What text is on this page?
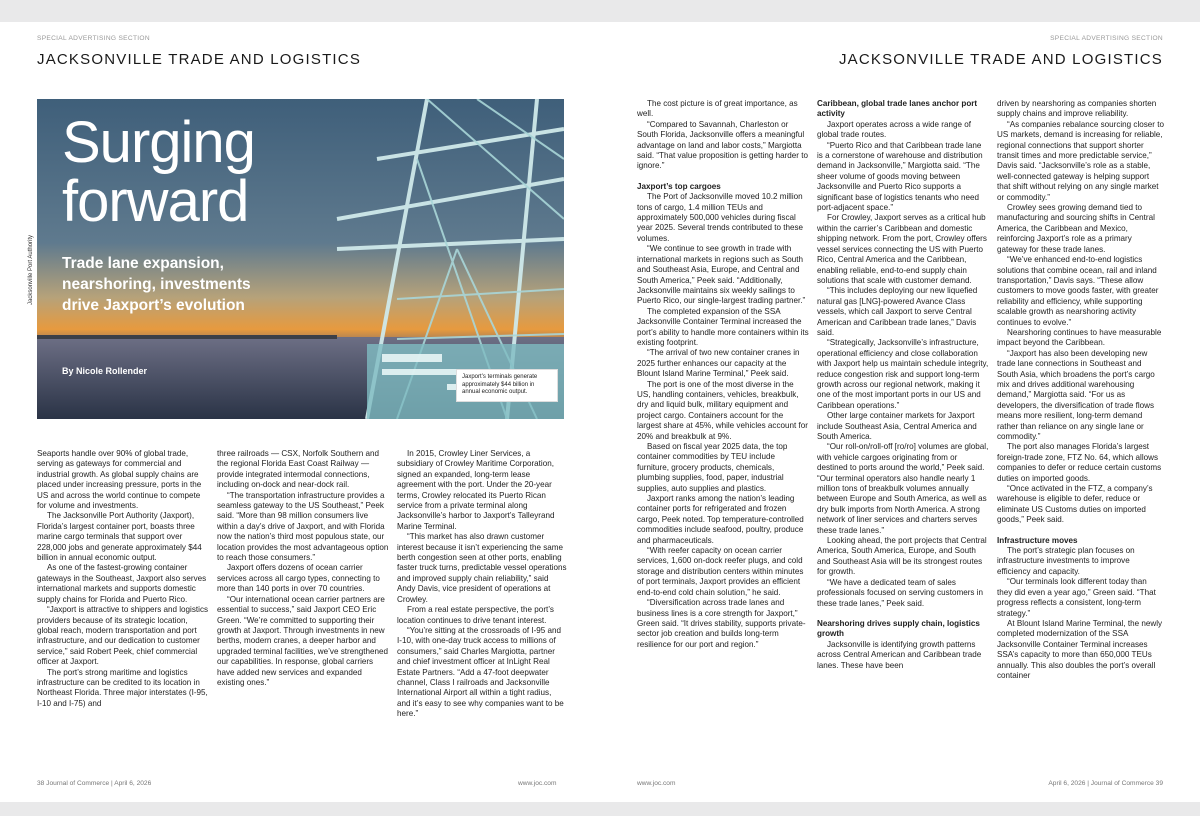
SPECIAL ADVERTISING SECTION	SPECIAL ADVERTISING SECTION
JACKSONVILLE TRADE AND LOGISTICS	JACKSONVILLE TRADE AND LOGISTICS
Surging
forward
Trade lane expansion,
nearshoring, investments
drive Jaxport’s evolution
By Nicole Rollender
Jaxport’s terminals generate approximately $44 billion in annual economic output.
Jacksonville Port Authority

Seaports handle over 90% of global trade, serving as gateways for commercial and industrial growth. As global supply chains are placed under increasing pressure, ports in the US and across the world continue to compete for volume and investments.

The Jacksonville Port Authority (Jaxport), Florida’s largest container port, boasts three marine cargo terminals that support over 228,000 jobs and generate approximately $44 billion in annual economic output.

As one of the fastest-growing container gateways in the Southeast, Jaxport also serves international markets and supports domestic supply chains for Florida and Puerto Rico.

“Jaxport is attractive to shippers and logistics providers because of its strategic location, global reach, modern transportation and port infrastructure, and our dedication to customer service,” said Robert Peek, chief commercial officer at Jaxport.

The port’s strong maritime and logistics infrastructure can be credited to its location in Northeast Florida. Three major interstates (I-95, I-10 and I-75) and

three railroads — CSX, Norfolk Southern and the regional Florida East Coast Railway — provide integrated intermodal connections, including on-dock and near-dock rail.

“The transportation infrastructure provides a seamless gateway to the US Southeast,” Peek said. “More than 98 million consumers live within a day’s drive of Jaxport, and with Florida now the nation’s third most populous state, our location provides the most advantageous option to reach those consumers.”

Jaxport offers dozens of ocean carrier services across all cargo types, connecting to more than 140 ports in over 70 countries.

“Our international ocean carrier partners are essential to success,” said Jaxport CEO Eric Green. “We’re committed to supporting their growth at Jaxport. Through investments in new berths, modern cranes, a deeper harbor and upgraded terminal facilities, we’ve strengthened our capabilities. In response, global carriers have added new services and expanded existing ones.”

In 2015, Crowley Liner Services, a subsidiary of Crowley Maritime Corporation, signed an expanded, long-term lease agreement with the port. Under the 20-year terms, Crowley relocated its Puerto Rican service from a private terminal along Jacksonville’s harbor to Jaxport’s Talleyrand Marine Terminal.

“This market has also drawn customer interest because it isn’t experiencing the same berth congestion seen at other ports, enabling faster truck turns, predictable vessel operations and improved supply chain reliability,” said Andy Davis, vice president of operations at Crowley.

From a real estate perspective, the port’s location continues to drive tenant interest.

“You’re sitting at the crossroads of I-95 and I-10, with one-day truck access to millions of consumers,” said Charles Margiotta, partner and chief investment officer at InLight Real Estate Partners. “Add a 47-foot deepwater channel, Class I railroads and Jacksonville International Airport all within a tight radius, and it’s easy to see why companies want to be here.”

The cost picture is of great importance, as well.

“Compared to Savannah, Charleston or South Florida, Jacksonville offers a meaningful advantage on land and labor costs,” Margiotta said. “That value proposition is getting harder to ignore.”

Jaxport’s top cargoes

The Port of Jacksonville moved 10.2 million tons of cargo, 1.4 million TEUs and approximately 500,000 vehicles during fiscal year 2025. Several trends contributed to these volumes.

“We continue to see growth in trade with international markets in regions such as South and Southeast Asia, Europe, and Central and South America,” Peek said. “Additionally, Jacksonville maintains six weekly sailings to Puerto Rico, our single-largest trading partner.”

The completed expansion of the SSA Jacksonville Container Terminal increased the port’s ability to handle more containers within its existing footprint.

“The arrival of two new container cranes in 2025 further enhances our capacity at the Blount Island Marine Terminal,” Peek said.

The port is one of the most diverse in the US, handling containers, vehicles, breakbulk, dry and liquid bulk, military equipment and project cargo. Containers account for the largest share at 45%, while vehicles account for 20% and breakbulk at 9%.

Based on fiscal year 2025 data, the top container commodities by TEU include furniture, grocery products, chemicals, plumbing supplies, food, paper, industrial supplies, auto supplies and plastics.

Jaxport ranks among the nation’s leading container ports for refrigerated and frozen cargo, Peek noted. Top temperature-controlled commodities include seafood, poultry, produce and pharmaceuticals.

“With reefer capacity on ocean carrier services, 1,600 on-dock reefer plugs, and cold storage and distribution centers within minutes of port terminals, Jaxport provides an efficient end-to-end cold chain solution,” he said.

“Diversification across trade lanes and business lines is a core strength for Jaxport,” Green said. “It drives stability, supports private-sector job creation and builds long-term resilience for our port and region.”

Caribbean, global trade lanes anchor port activity

Jaxport operates across a wide range of global trade routes.

“Puerto Rico and that Caribbean trade lane is a cornerstone of warehouse and distribution demand in Jacksonville,” Margiotta said. “The sheer volume of goods moving between Jacksonville and Puerto Rico supports a significant base of logistics tenants who need port-adjacent space.”

For Crowley, Jaxport serves as a critical hub within the carrier’s Caribbean and domestic shipping network. From the port, Crowley offers vessel services connecting the US with Puerto Rico, Central America and the Caribbean, enabling reliable, end-to-end supply chain solutions that scale with customer demand.

“This includes deploying our new liquefied natural gas [LNG]-powered Avance Class vessels, which call Jaxport to serve Central American and Caribbean trade lanes,” Davis said.

“Strategically, Jacksonville’s infrastructure, operational efficiency and close collaboration with Jaxport help us maintain schedule integrity, reduce congestion risk and support long-term growth across our regional network, making it one of the most important ports in our US and Caribbean operations.”

Other large container markets for Jaxport include Southeast Asia, Central America and South America.

“Our roll-on/roll-off [ro/ro] volumes are global, with vehicle cargoes originating from or destined to ports around the world,” Peek said. “Our terminal operators also handle nearly 1 million tons of breakbulk volumes annually between Europe and South America, as well as dry bulk imports from North America. A strong network of liner services and charters serves these trade lanes.”

Looking ahead, the port projects that Central America, South America, Europe, and South and Southeast Asia will be its strongest routes for growth.

“We have a dedicated team of sales professionals focused on serving customers in these trade lanes,” Peek said.

Nearshoring drives supply chain, logistics growth

Jacksonville is identifying growth patterns across Central American and Caribbean trade lanes. These have been

driven by nearshoring as companies shorten supply chains and improve reliability.

“As companies rebalance sourcing closer to US markets, demand is increasing for reliable, regional connections that support shorter transit times and more predictable service,” Davis said. “Jacksonville’s role as a stable, well-connected gateway is helping support that shift without relying on any single market or commodity.”

Crowley sees growing demand tied to manufacturing and sourcing shifts in Central America, the Caribbean and Mexico, reinforcing Jaxport’s role as a primary gateway for these trade lanes.

“We’ve enhanced end-to-end logistics solutions that combine ocean, rail and inland transportation,” Davis says. “These allow customers to move goods faster, with greater reliability and efficiency, while supporting scalable growth as nearshoring activity continues to evolve.”

Nearshoring continues to have measurable impact beyond the Caribbean.

“Jaxport has also been developing new trade lane connections in Southeast and South Asia, which broadens the port’s cargo mix and drives additional warehousing demand,” Margiotta said. “For us as developers, the diversification of trade flows means more resilient, long-term demand rather than reliance on any single lane or commodity.”

The port also manages Florida’s largest foreign-trade zone, FTZ No. 64, which allows companies to defer or reduce certain customs duties on imported goods.

“Once activated in the FTZ, a company’s warehouse is eligible to defer, reduce or eliminate US Customs duties on imported goods,” Peek said.

Infrastructure moves

The port’s strategic plan focuses on infrastructure investments to improve efficiency and capacity.

“Our terminals look different today than they did even a year ago,” Green said. “That progress reflects a consistent, long-term strategy.”

At Blount Island Marine Terminal, the newly completed modernization of the SSA Jacksonville Container Terminal increases SSA’s capacity to more than 650,000 TEUs annually. This also doubles the port’s overall container

38 Journal of Commerce | April 6, 2026	www.joc.com	www.joc.com	April 6, 2026 | Journal of Commerce 39
